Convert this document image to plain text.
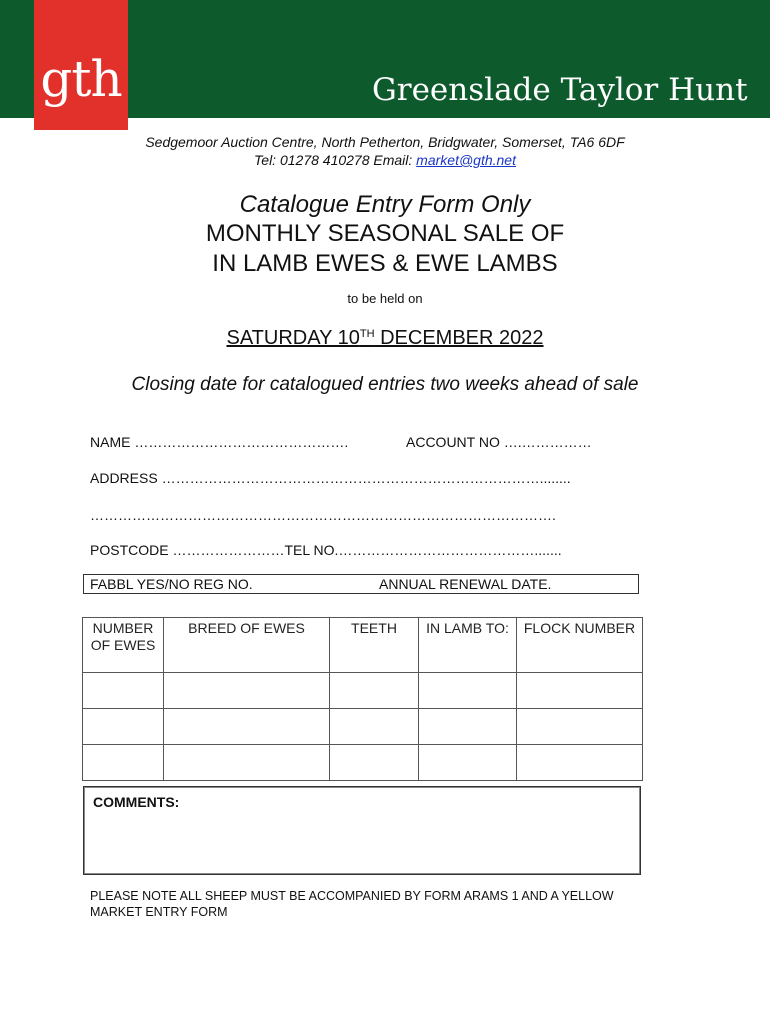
gth	Greenslade Taylor Hunt
Sedgemoor Auction Centre, North Petherton, Bridgwater, Somerset, TA6 6DF
Tel: 01278 410278 Email: market@gth.net
Catalogue Entry Form Only
MONTHLY SEASONAL SALE OF
IN LAMB EWES & EWE LAMBS
to be held on
SATURDAY 10TH DECEMBER 2022
Closing date for catalogued entries two weeks ahead of sale
NAME ……………………………………….	ACCOUNT NO ….……………
ADDRESS ………………………………………………………………………........
……………………………………………………………………………………….
POSTCODE ……………………TEL NO.…………………………………….......
FABBL YES/NO REG NO.	ANNUAL RENEWAL DATE.
NUMBER OF EWES	BREED OF EWES	TEETH	IN LAMB TO:	FLOCK NUMBER

COMMENTS:
PLEASE NOTE ALL SHEEP MUST BE ACCOMPANIED BY FORM ARAMS 1 AND A YELLOW MARKET ENTRY FORM
